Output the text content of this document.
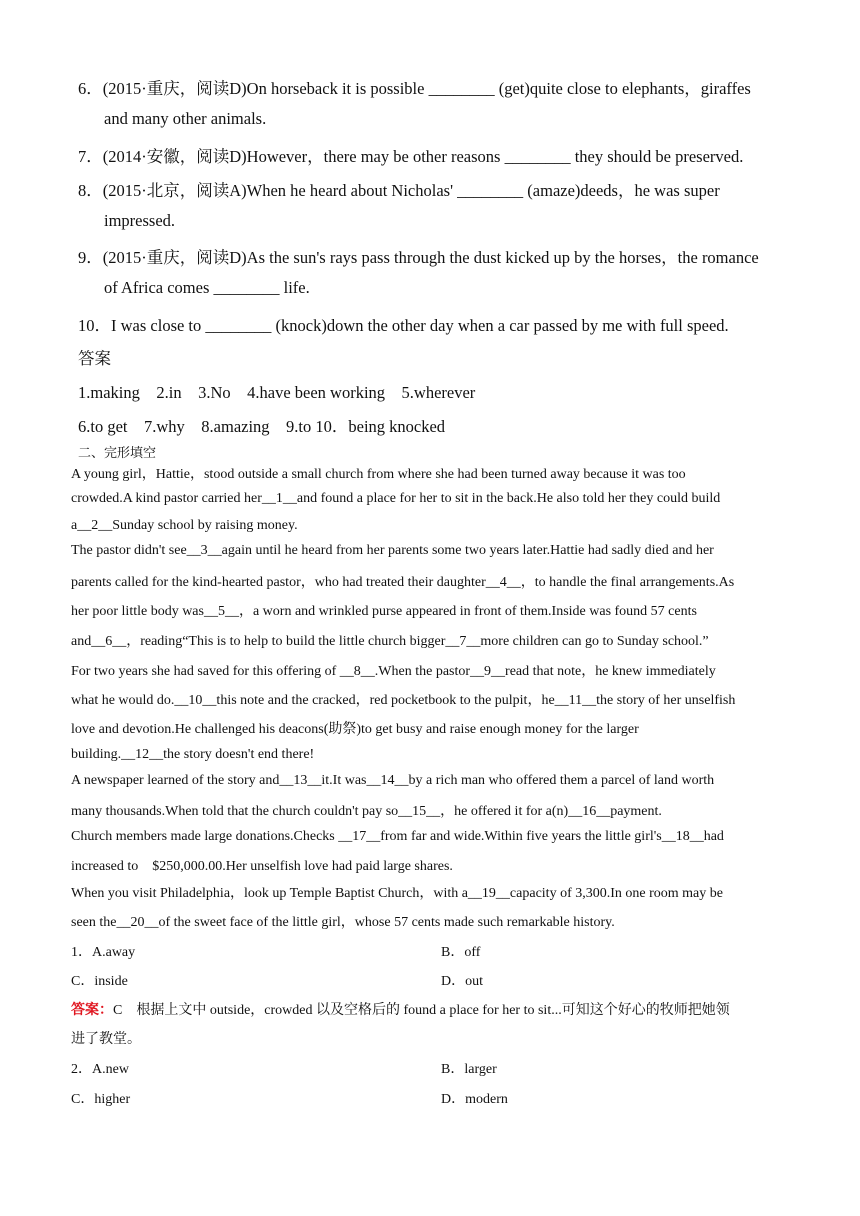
6．(2015·重庆，阅读D)On horseback it is possible ________ (get)quite close to elephants，giraffes
and many other animals.
7．(2014·安徽，阅读D)However，there may be other reasons ________ they should be preserved.
8．(2015·北京，阅读A)When he heard about Nicholas' ________ (amaze)deeds，he was super
impressed.
9．(2015·重庆，阅读D)As the sun's rays pass through the dust kicked up by the horses，the romance
of Africa comes ________ life.
10．I was close to ________ (knock)down the other day when a car passed by me with full speed.
答案
1.making　2.in　3.No　4.have been working　5.wherever
6.to get　7.why　8.amazing　9.to 10．being knocked
二、完形填空
A young girl，Hattie，stood outside a small church from where she had been turned away because it was too
crowded.A kind pastor carried her__1__and found a place for her to sit in the back.He also told her they could build
a__2__Sunday school by raising money.
The pastor didn't see__3__again until he heard from her parents some two years later.Hattie had sadly died and her
parents called for the kind-hearted pastor，who had treated their daughter__4__，to handle the final arrangements.As
her poor little body was__5__，a worn and wrinkled purse appeared in front of them.Inside was found 57 cents
and__6__，reading“This is to help to build the little church bigger__7__more children can go to Sunday school.”
For two years she had saved for this offering of __8__.When the pastor__9__read that note，he knew immediately
what he would do.__10__this note and the cracked，red pocketbook to the pulpit，he__11__the story of her unselfish
love and devotion.He challenged his deacons(助祭)to get busy and raise enough money for the larger
building.__12__the story doesn't end there!
A newspaper learned of the story and__13__it.It was__14__by a rich man who offered them a parcel of land worth
many thousands.When told that the church couldn't pay so__15__，he offered it for a(n)__16__payment.
Church members made large donations.Checks __17__from far and wide.Within five years the little girl's__18__had
increased to　$250,000.00.Her unselfish love had paid large shares.
When you visit Philadelphia，look up Temple Baptist Church，with a__19__capacity of 3,300.In one room may be
seen the__20__of the sweet face of the little girl，whose 57 cents made such remarkable history.
1．A.away	B．off
C．inside	D．out
答案：C　根据上文中 outside，crowded 以及空格后的 found a place for her to sit...可知这个好心的牧师把她领
进了教堂。
2．A.new	B．larger
C．higher	D．modern
